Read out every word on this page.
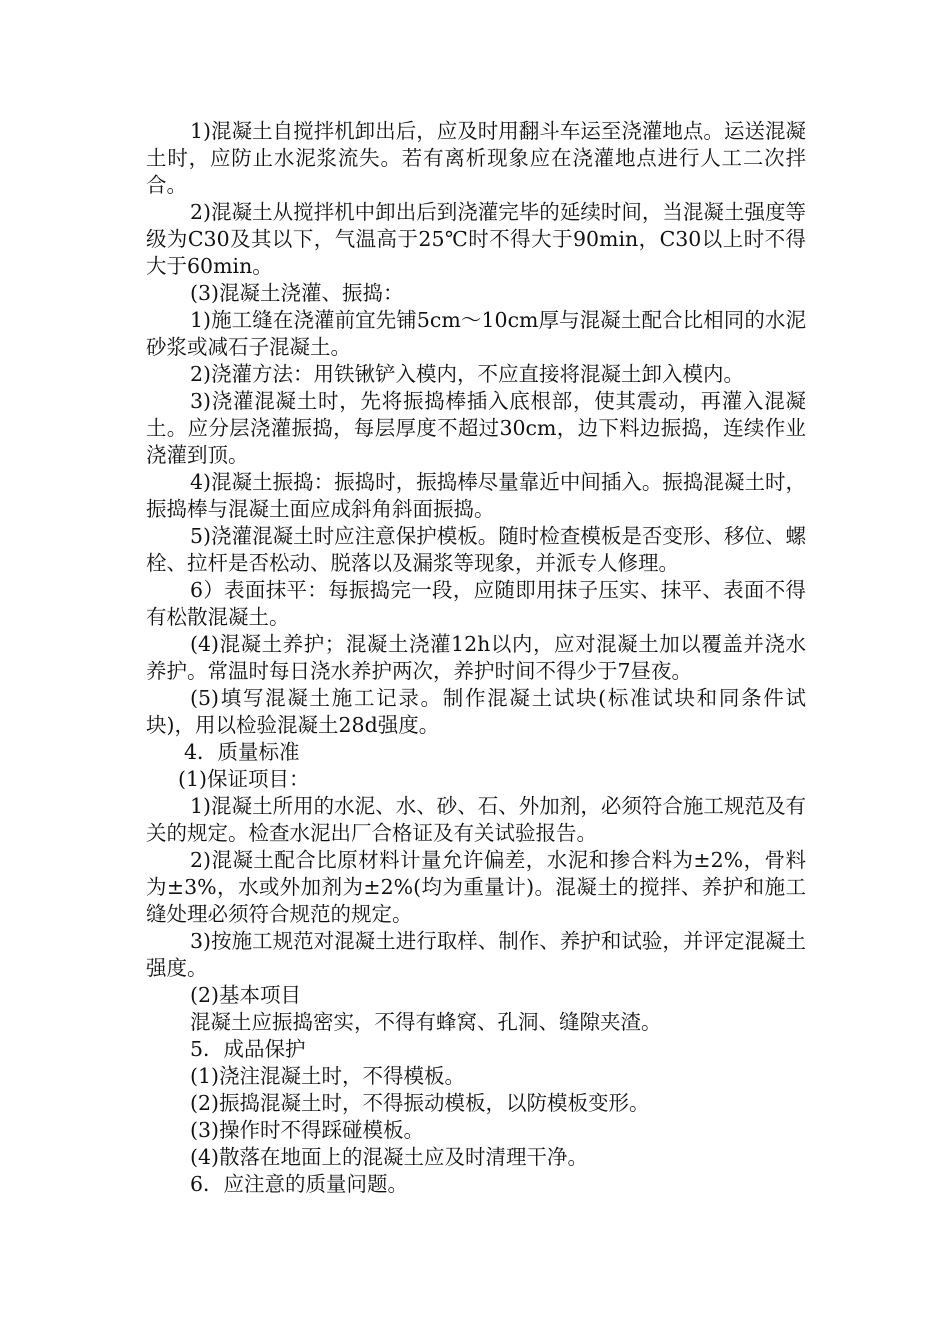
1)混凝土自搅拌机卸出后，应及时用翻斗车运至浇灌地点。运送混凝土时，应防止水泥浆流失。若有离析现象应在浇灌地点进行人工二次拌合。

2)混凝土从搅拌机中卸出后到浇灌完毕的延续时间，当混凝土强度等级为C30及其以下，气温高于25℃时不得大于90min，C30以上时不得大于60min。

(3)混凝土浇灌、振捣：

1)施工缝在浇灌前宜先铺5cm～10cm厚与混凝土配合比相同的水泥砂浆或减石子混凝土。

2)浇灌方法：用铁锹铲入模内，不应直接将混凝土卸入模内。

3)浇灌混凝土时，先将振捣棒插入底根部，使其震动，再灌入混凝土。应分层浇灌振捣，每层厚度不超过30cm，边下料边振捣，连续作业浇灌到顶。

4)混凝土振捣：振捣时，振捣棒尽量靠近中间插入。振捣混凝土时，振捣棒与混凝土面应成斜角斜面振捣。

5)浇灌混凝土时应注意保护模板。随时检查模板是否变形、移位、螺栓、拉杆是否松动、脱落以及漏浆等现象，并派专人修理。

6）表面抹平：每振捣完一段，应随即用抹子压实、抹平、表面不得有松散混凝土。

(4)混凝土养护；混凝土浇灌12h以内，应对混凝土加以覆盖并浇水养护。常温时每日浇水养护两次，养护时间不得少于7昼夜。

(5)填写混凝土施工记录。制作混凝土试块(标准试块和同条件试块)，用以检验混凝土28d强度。

4．质量标准

(1)保证项目：

1)混凝土所用的水泥、水、砂、石、外加剂，必须符合施工规范及有关的规定。检查水泥出厂合格证及有关试验报告。

2)混凝土配合比原材料计量允许偏差，水泥和掺合料为±2%，骨料为±3%，水或外加剂为±2%(均为重量计)。混凝土的搅拌、养护和施工缝处理必须符合规范的规定。

3)按施工规范对混凝土进行取样、制作、养护和试验，并评定混凝土强度。

(2)基本项目

混凝土应振捣密实，不得有蜂窝、孔洞、缝隙夹渣。

5．成品保护

(1)浇注混凝土时，不得模板。

(2)振捣混凝土时，不得振动模板，以防模板变形。

(3)操作时不得踩碰模板。

(4)散落在地面上的混凝土应及时清理干净。

6．应注意的质量问题。
